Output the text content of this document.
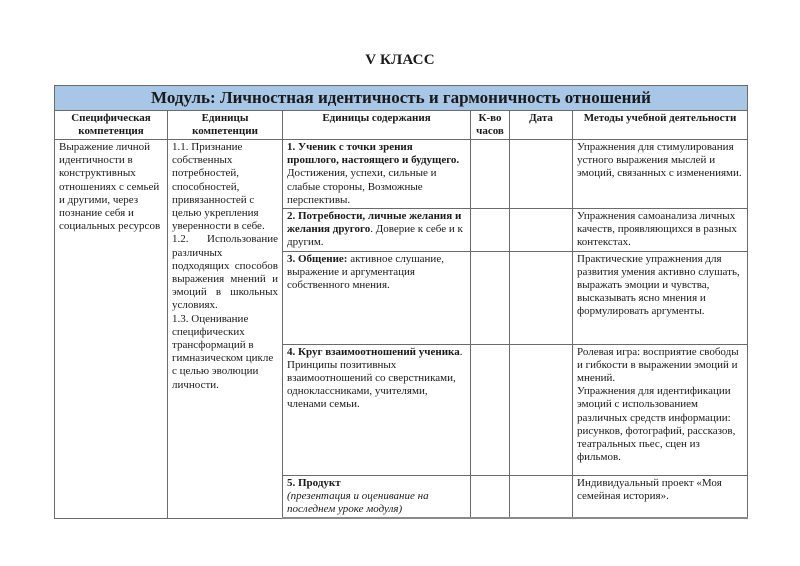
V КЛАСС
Модуль: Личностная идентичность и гармоничность отношений					
Специфическая компетенция	Единицы компетенции	Единицы содержания	К-во часов	Дата	Методы учебной деятельности
Выражение личной идентичности в конструктивных отношениях с семьей и другими, через познание себя и социальных ресурсов	1.1. Признание собственных потребностей, способностей, привязанностей с целью укрепления уверенности в себе.
1.2. Использование различных подходящих способов выражения мнений и эмоций в школьных условиях.
1.3. Оценивание специфических трансформаций в гимназическом цикле с целью эволюции личности.	1. Ученик с точки зрения прошлого, настоящего и будущего. Достижения, успехи, сильные и слабые стороны, Возможные перспективы.			Упражнения для стимулирования устного выражения мыслей и эмоций, связанных с изменениями.
		2. Потребности, личные желания и желания другого. Доверие к себе и к другим.			Упражнения самоанализа личных качеств, проявляющихся в разных контекстах.
		3. Общение: активное слушание, выражение и аргументация собственного мнения.			Практические упражнения для развития умения активно слушать, выражать эмоции и чувства, высказывать ясно мнения и формулировать аргументы.
		4. Круг взаимоотношений ученика. Принципы позитивных взаимоотношений со сверстниками, одноклассниками, учителями, членами семьи.			Ролевая игра: восприятие свободы и гибкости в выражении эмоций и мнений.
Упражнения для идентификации эмоций с использованием различных средств информации: рисунков, фотографий, рассказов, театральных пьес, сцен из фильмов.

		5. Продукт
(презентация и оценивание на последнем уроке модуля)			Индивидуальный проект «Моя семейная история».
